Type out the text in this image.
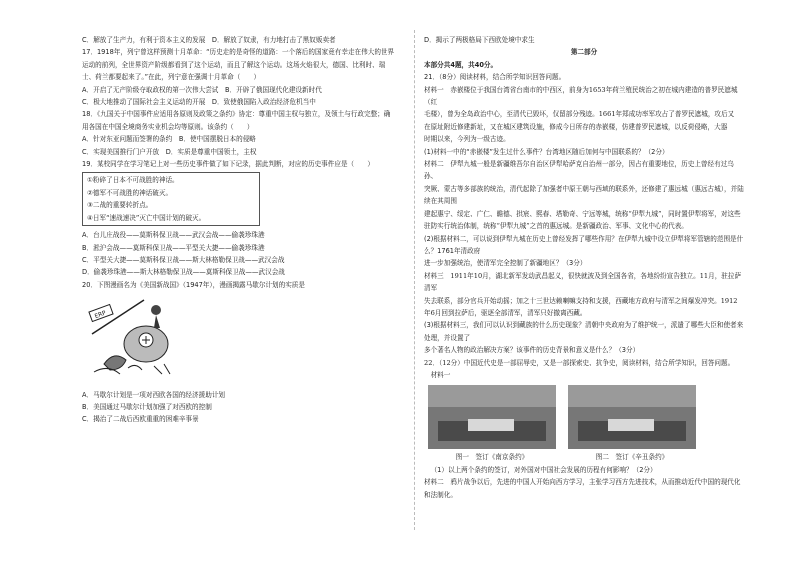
C．解放了生产力，有利于资本主义的发展　D．解放了奴隶，有力地打击了黑奴贩卖者

17．1918年，列宁曾这样预测十月革命：“历史走的是奇怪的道路：一个落后的国家竟有幸走在伟大的世界

运动的前列，全世界资产阶级都看到了这个运动，而且了解这个运动。这场火焰很大，德国、比利时、瑞

士、荷兰都要起来了。”在此，列宁意在强调十月革命（　　）

A．开启了无产阶级夺取政权的第一次伟大尝试　B．开辟了俄国现代化建设新时代

C．极大地推动了国际社会主义运动的开展　D．致使俄国陷入政治经济危机当中

18．《九国关于中国事件应适用各原则及政策之条约》协定：尊重中国主权与独立，及领土与行政完整；确

用各国在中国全境商务实业机会均等原则。该条约（　　）

A．针对东亚问题而签署的条约　B．使中国摆脱日本的侵略

C．实现美国推行门户开放　D．实质是尊重中国领土，主权

19．某校同学在学习笔记上对一些历史事件做了如下记录，据此判断，对应的历史事件应是（　　）

①粉碎了日本不可战胜的神话。

②德军不可战胜的神话破灭。

③二战的重要转折点。

④日军“速战速决”灭亡中国计划的破灭。

A．台儿庄战役——莫斯科保卫战——武汉会战——偷袭珍珠港

B．淞沪会战——莫斯科保卫战——平型关大捷——偷袭珍珠港

C．平型关大捷——莫斯科保卫战——斯大林格勒保卫战——武汉会战

D．偷袭珍珠港——斯大林格勒保卫战——莫斯科保卫战——武汉会战

20．下图漫画名为《美国新战国》（1947年），漫画揭露马歇尔计划的实质是

ERP

A．马歇尔计划是一项对西欧各国的经济援助计划

B．美国通过马歇尔计划加强了对西欧的控制

C．揭治了二战后西欧重重的困难辛事景

D．揭示了两极格局下西欧处境中求生

第二部分

本部分共4题，共40分。

21．（8分）阅读材料，结合所学知识回答问题。

材料一　赤嵌楼位于我国台湾省台南市的中西区，前身为1653年荷兰殖民统治之初在城内建造的普罗民遮城（红

毛楼），曾为全岛政治中心，至清代已毁坏，仅留部分残迹。1661年郑成功率军攻占了普罗民遮城，攻后又

在原址附近修建新址，又在城区建筑设施，修成今日所存的赤嵌楼，仿建普罗民遮城，以反荷侵略，大器

时期以来，今列为一级古迹。

(1)材料一中的“赤嵌楼”发生过什么事件？台湾地区随后加何与中国联系的？（2分）

材料二　伊犁九城一般是新疆维吾尔自治区伊犁哈萨克自治州一部分，因占有重要地位，历史上曾经有过乌孙、

突厥、蒙古等多部族的统治，清代起除了加强者中原王朝与西域的联系外，还修建了惠远城（惠远古城），并陆续在其周围

建起惠宁、绥定、广仁、瞻德、拱宸、熙春、塔勒奇、宁远等城，统称“伊犁九城”，同时置伊犁将军，对这些

驻防实行统治体制，统称“伊犁九城”之首的惠远城。是新疆政治、军事、文化中心的代表。

(2)根据材料二，可以说到伊犁九城在历史上曾经发挥了哪些作用？在伊犁九城中设立伊犁将军管辖的范围是什么？1761年清政府

进一步加强统治，使清军完全控制了新疆地区？（3分）

材料三　1911年10月，湖北新军发动武昌起义，很快就波及到全国各省，各地纷纷宣告独立。11月，驻拉萨清军

失去联系，部分官兵开始动摇；加之十三世达赖喇嘛支持和支援，西藏地方政府与清军之间爆发冲突。1912

年6月回到拉萨后，驱逐全部清军，清军只好撤离西藏。

(3)根据材料三，我们可以认识到藏族的什么历史现象？清朝中央政府为了维护统一，派遣了哪些大臣和使者来处理，并设置了

多个著名人物的政治解决方案？该事件的历史背景和意义是什么？（3分）

22．（12分）中国近代史是一部屈辱史，又是一部探索史、抗争史，阅读材料，结合所学知识，回答问题。

材料一

图一　签订《南京条约》	图二　签订《辛丑条约》

（1）以上两个条约的签订，对外国对中国社会发展的历程有何影响？（2分）

材料二　鸦片战争以后，先进的中国人开始向西方学习，主张学习西方先进技术，从而推动近代中国的现代化和法制化。
